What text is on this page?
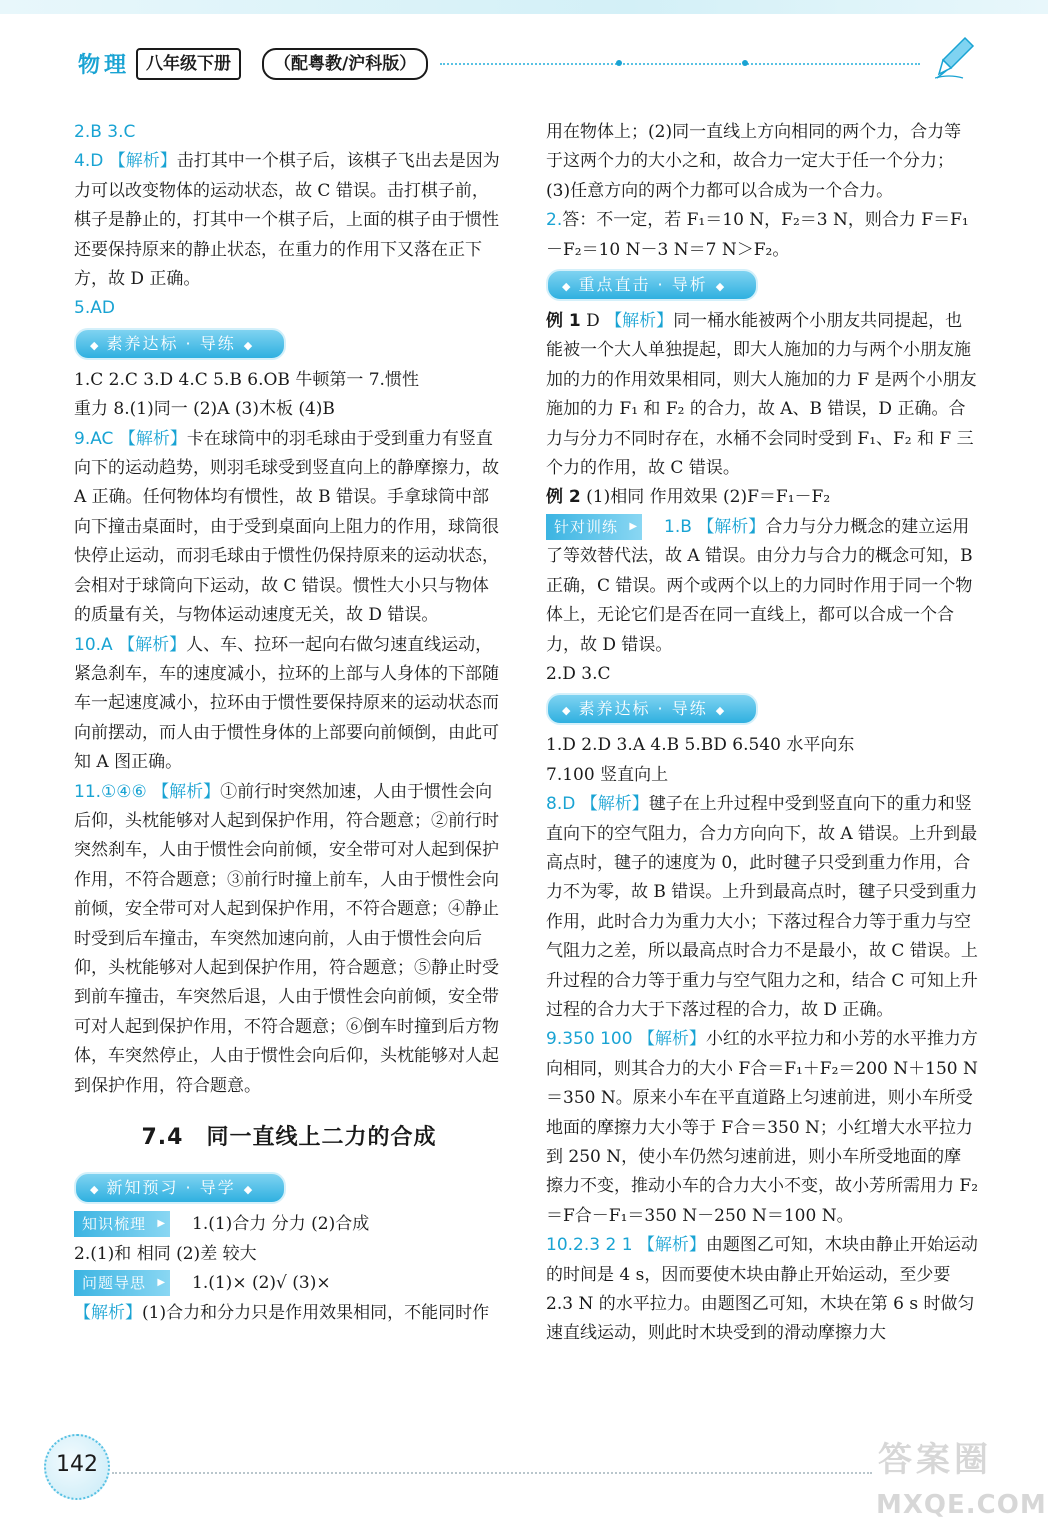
物理 八年级下册	（配粤教/沪科版）

2.B 3.C

4.D 【解析】击打其中一个棋子后，该棋子飞出去是因为力可以改变物体的运动状态，故 C 错误。击打棋子前，棋子是静止的，打其中一个棋子后，上面的棋子由于惯性还要保持原来的静止状态，在重力的作用下又落在正下方，故 D 正确。

5.AD

◆ 素养达标 · 导练 ◆

1.C 2.C 3.D 4.C 5.B 6.OB 牛顿第一 7.惯性

重力 8.(1)同一 (2)A (3)木板 (4)B

9.AC 【解析】卡在球筒中的羽毛球由于受到重力有竖直向下的运动趋势，则羽毛球受到竖直向上的静摩擦力，故 A 正确。任何物体均有惯性，故 B 错误。手拿球筒中部向下撞击桌面时，由于受到桌面向上阻力的作用，球筒很快停止运动，而羽毛球由于惯性仍保持原来的运动状态，会相对于球筒向下运动，故 C 错误。惯性大小只与物体的质量有关，与物体运动速度无关，故 D 错误。

10.A 【解析】人、车、拉环一起向右做匀速直线运动，紧急刹车，车的速度减小，拉环的上部与人身体的下部随车一起速度减小，拉环由于惯性要保持原来的运动状态而向前摆动，而人由于惯性身体的上部要向前倾倒，由此可知 A 图正确。

11.①④⑥ 【解析】①前行时突然加速，人由于惯性会向后仰，头枕能够对人起到保护作用，符合题意；②前行时突然刹车，人由于惯性会向前倾，安全带可对人起到保护作用，不符合题意；③前行时撞上前车，人由于惯性会向前倾，安全带可对人起到保护作用，不符合题意；④静止时受到后车撞击，车突然加速向前，人由于惯性会向后仰，头枕能够对人起到保护作用，符合题意；⑤静止时受到前车撞击，车突然后退，人由于惯性会向前倾，安全带可对人起到保护作用，不符合题意；⑥倒车时撞到后方物体，车突然停止，人由于惯性会向后仰，头枕能够对人起到保护作用，符合题意。

7.4　同一直线上二力的合成
◆ 新知预习 · 导学 ◆

知识梳理 ▶	1.(1)合力 分力 (2)合成

2.(1)和 相同 (2)差 较大

问题导思 ▶	1.(1)× (2)√ (3)×

【解析】(1)合力和分力只是作用效果相同，不能同时作

用在物体上；(2)同一直线上方向相同的两个力，合力等于这两个力的大小之和，故合力一定大于任一个分力；(3)任意方向的两个力都可以合成为一个合力。

2.答：不一定，若 F₁＝10 N，F₂＝3 N，则合力 F＝F₁－F₂＝10 N－3 N＝7 N＞F₂。

◆ 重点直击 · 导析 ◆

例 1 D 【解析】同一桶水能被两个小朋友共同提起，也能被一个大人单独提起，即大人施加的力与两个小朋友施加的力的作用效果相同，则大人施加的力 F 是两个小朋友施加的力 F₁ 和 F₂ 的合力，故 A、B 错误，D 正确。合力与分力不同时存在，水桶不会同时受到 F₁、F₂ 和 F 三个力的作用，故 C 错误。

例 2 (1)相同 作用效果 (2)F＝F₁－F₂

针对训练 ▶	1.B 【解析】合力与分力概念的建立运用了等效替代法，故 A 错误。由分力与合力的概念可知，B 正确，C 错误。两个或两个以上的力同时作用于同一个物体上，无论它们是否在同一直线上，都可以合成一个合力，故 D 错误。

2.D 3.C

◆ 素养达标 · 导练 ◆

1.D 2.D 3.A 4.B 5.BD 6.540 水平向东

7.100 竖直向上

8.D 【解析】毽子在上升过程中受到竖直向下的重力和竖直向下的空气阻力，合力方向向下，故 A 错误。上升到最高点时，毽子的速度为 0，此时毽子只受到重力作用，合力不为零，故 B 错误。上升到最高点时，毽子只受到重力作用，此时合力为重力大小；下落过程合力等于重力与空气阻力之差，所以最高点时合力不是最小，故 C 错误。上升过程的合力等于重力与空气阻力之和，结合 C 可知上升过程的合力大于下落过程的合力，故 D 正确。

9.350 100 【解析】小红的水平拉力和小芳的水平推力方向相同，则其合力的大小 F合＝F₁＋F₂＝200 N＋150 N＝350 N。原来小车在平直道路上匀速前进，则小车所受地面的摩擦力大小等于 F合＝350 N；小红增大水平拉力到 250 N，使小车仍然匀速前进，则小车所受地面的摩擦力不变，推动小车的合力大小不变，故小芳所需用力 F₂＝F合－F₁＝350 N－250 N＝100 N。

10.2.3 2 1 【解析】由题图乙可知，木块由静止开始运动的时间是 4 s，因而要使木块由静止开始运动，至少要 2.3 N 的水平拉力。由题图乙可知，木块在第 6 s 时做匀速直线运动，则此时木块受到的滑动摩擦力大

142	答案圈
MXQE.COM
